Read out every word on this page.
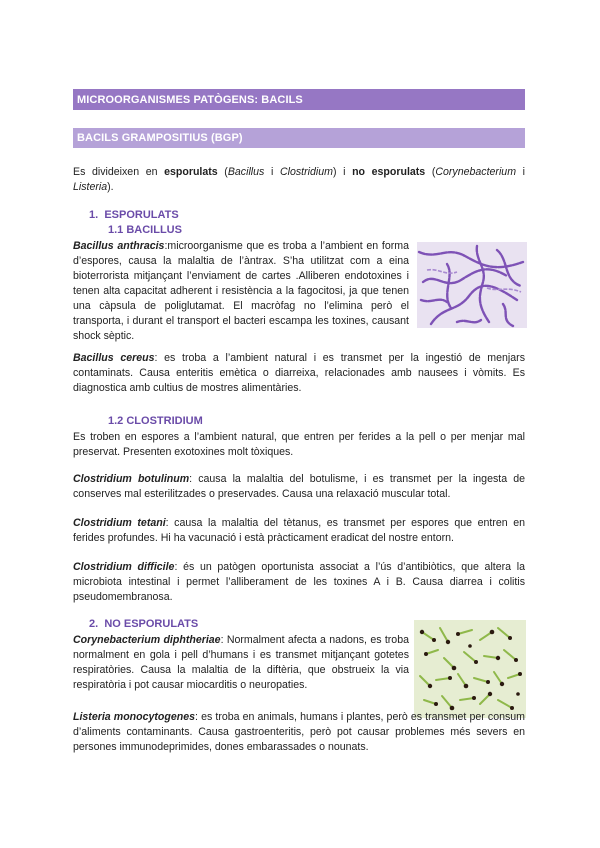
MICROORGANISMES PATÒGENS: BACILS
BACILS GRAMPOSITIUS (BGP)

Es divideixen en esporulats (Bacillus i Clostridium) i no esporulats (Corynebacterium i Listeria).

1. ESPORULATS
1.1 BACILLUS

Bacillus anthracis:microorganisme que es troba a l’ambient en forma d’espores, causa la malaltia de l’àntrax. S’ha utilitzat com a eina bioterrorista mitjançant l’enviament de cartes .Alliberen endotoxines i tenen alta capacitat adherent i resistència a la fagocitosi, ja que tenen una càpsula de poliglutamat. El macròfag no l’elimina però el transporta, i durant el transport el bacteri escampa les toxines, causant shock sèptic.

Bacillus cereus: es troba a l’ambient natural i es transmet per la ingestió de menjars contaminats. Causa enteritis emètica o diarreixa, relacionades amb nausees i vòmits. Es diagnostica amb cultius de mostres alimentàries.

1.2 CLOSTRIDIUM

Es troben en espores a l’ambient natural, que entren per ferides a la pell o per menjar mal preservat. Presenten exotoxines molt tòxiques.

Clostridium botulinum: causa la malaltia del botulisme, i es transmet per la ingesta de conserves mal esterilitzades o preservades. Causa una relaxació muscular total.

Clostridium tetani: causa la malaltia del tètanus, es transmet per espores que entren en ferides profundes. Hi ha vacunació i està pràcticament eradicat del nostre entorn.

Clostridium difficile: és un patògen oportunista associat a l’ús d’antibiòtics, que altera la microbiota intestinal i permet l’alliberament de les toxines A i B. Causa diarrea i colitis pseudomembranosa.

2. NO ESPORULATS

Corynebacterium diphtheriae: Normalment afecta a nadons, es troba normalment en gola i pell d’humans i es transmet mitjançant gotetes respiratòries. Causa la malaltia de la diftèria, que obstrueix la via respiratòria i pot causar miocarditis o neuropaties.

Listeria monocytogenes: es troba en animals, humans i plantes, però es transmet per consum d’aliments contaminants. Causa gastroenteritis, però pot causar problemes més severs en persones immunodeprimides, dones embarassades o nounats.
